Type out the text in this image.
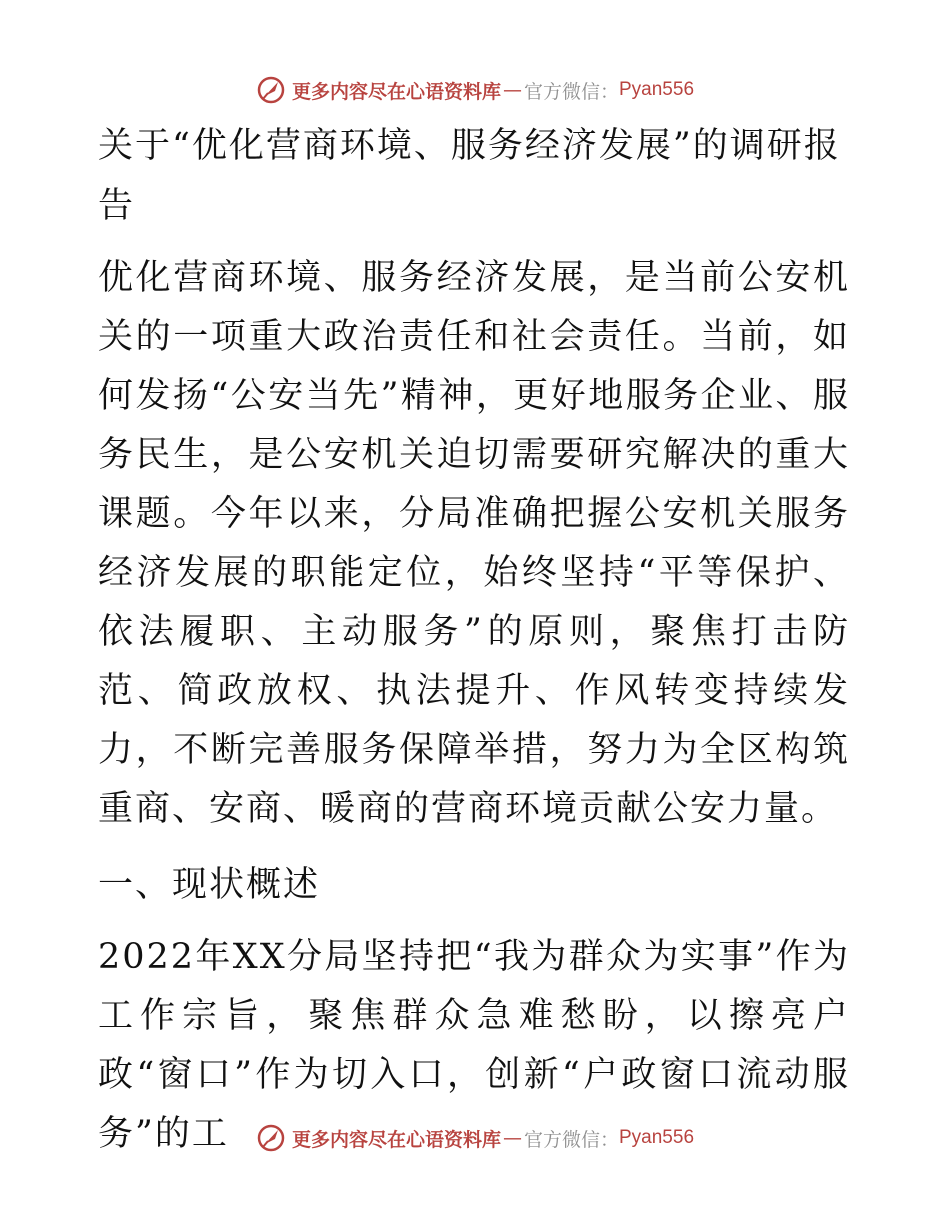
更多内容尽在心语资料库 — 官方微信： Pyan556
关于“优化营商环境、服务经济发展”的调研报告

优化营商环境、服务经济发展，是当前公安机关的一项重大政治责任和社会责任。当前，如何发扬“公安当先”精神，更好地服务企业、服务民生，是公安机关迫切需要研究解决的重大课题。今年以来，分局准确把握公安机关服务经济发展的职能定位，始终坚持“平等保护、依法履职、主动服务”的原则，聚焦打击防范、简政放权、执法提升、作风转变持续发力，不断完善服务保障举措，努力为全区构筑重商、安商、暖商的营商环境贡献公安力量。

一、现状概述

2022年XX分局坚持把“我为群众为实事”作为工作宗旨，聚焦群众急难愁盼，以擦亮户政“窗口”作为切入口，创新“户政窗口流动服务”的工	更多内容尽在心语资料库 — 官方微信： Pyan556
